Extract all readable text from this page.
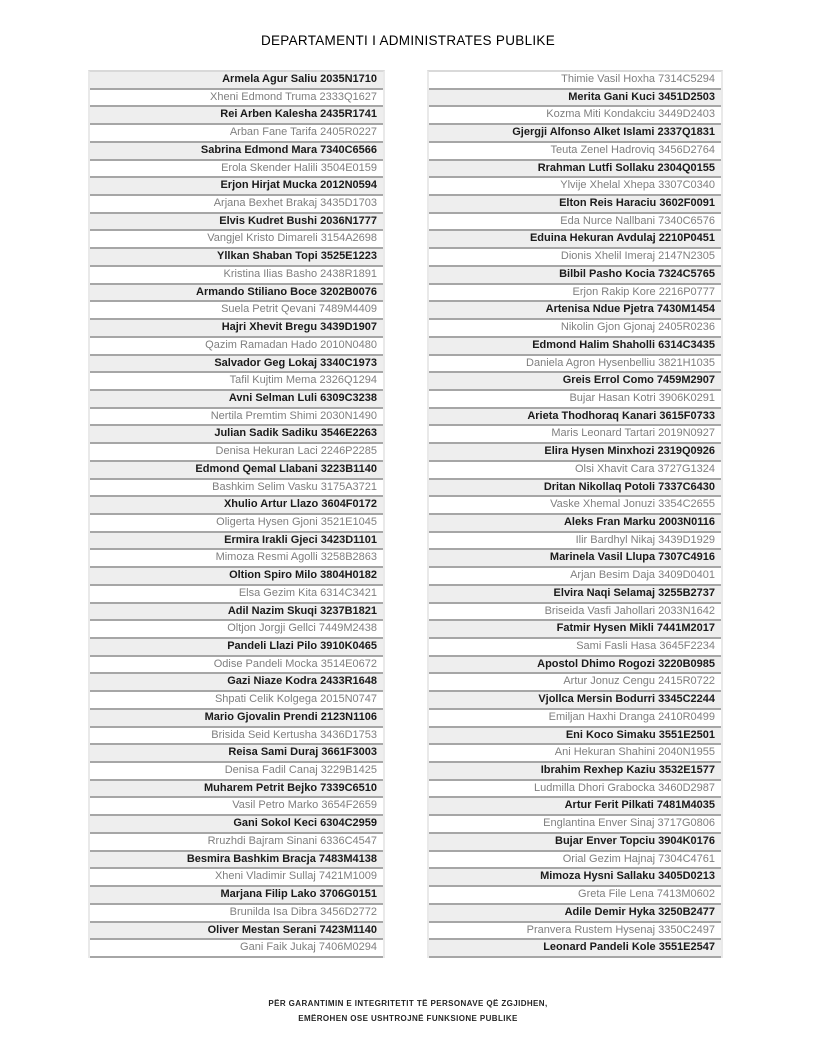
DEPARTAMENTI I ADMINISTRATES PUBLIKE
Armela Agur Saliu 2035N1710
Xheni Edmond Truma 2333Q1627
Rei Arben Kalesha 2435R1741
Arban Fane Tarifa 2405R0227
Sabrina Edmond Mara 7340C6566
Erola Skender Halili 3504E0159
Erjon Hirjat Mucka 2012N0594
Arjana Bexhet Brakaj 3435D1703
Elvis Kudret Bushi 2036N1777
Vangjel Kristo Dimareli 3154A2698
Yllkan Shaban Topi 3525E1223
Kristina Ilias Basho 2438R1891
Armando Stiliano Boce 3202B0076
Suela Petrit Qevani 7489M4409
Hajri Xhevit Bregu 3439D1907
Qazim Ramadan Hado 2010N0480
Salvador Geg Lokaj 3340C1973
Tafil Kujtim Mema 2326Q1294
Avni Selman Luli 6309C3238
Nertila Premtim Shimi 2030N1490
Julian Sadik Sadiku 3546E2263
Denisa Hekuran Laci 2246P2285
Edmond Qemal Llabani 3223B1140
Bashkim Selim Vasku 3175A3721
Xhulio Artur Llazo 3604F0172
Oligerta Hysen Gjoni 3521E1045
Ermira Irakli Gjeci 3423D1101
Mimoza Resmi Agolli 3258B2863
Oltion Spiro Milo 3804H0182
Elsa Gezim Kita 6314C3421
Adil Nazim Skuqi 3237B1821
Oltjon Jorgji Gellci 7449M2438
Pandeli Llazi Pilo 3910K0465
Odise Pandeli Mocka 3514E0672
Gazi Niaze Kodra 2433R1648
Shpati Celik Kolgega 2015N0747
Mario Gjovalin Prendi 2123N1106
Brisida Seid Kertusha 3436D1753
Reisa Sami Duraj 3661F3003
Denisa Fadil Canaj 3229B1425
Muharem Petrit Bejko 7339C6510
Vasil Petro Marko 3654F2659
Gani Sokol Keci 6304C2959
Rruzhdi Bajram Sinani 6336C4547
Besmira Bashkim Bracja 7483M4138
Xheni Vladimir Sullaj 7421M1009
Marjana Filip Lako 3706G0151
Brunilda Isa Dibra 3456D2772
Oliver Mestan Serani 7423M1140
Gani Faik Jukaj 7406M0294
Thimie Vasil Hoxha 7314C5294
Merita Gani Kuci 3451D2503
Kozma Miti Kondakciu 3449D2403
Gjergji Alfonso Alket Islami 2337Q1831
Teuta Zenel Hadroviq 3456D2764
Rrahman Lutfi Sollaku 2304Q0155
Ylvije Xhelal Xhepa 3307C0340
Elton Reis Haraciu 3602F0091
Eda Nurce Nallbani 7340C6576
Eduina Hekuran Avdulaj 2210P0451
Dionis Xhelil Imeraj 2147N2305
Bilbil Pasho Kocia 7324C5765
Erjon Rakip Kore 2216P0777
Artenisa Ndue Pjetra 7430M1454
Nikolin Gjon Gjonaj 2405R0236
Edmond Halim Shaholli 6314C3435
Daniela Agron Hysenbelliu 3821H1035
Greis Errol Como 7459M2907
Bujar Hasan Kotri 3906K0291
Arieta Thodhoraq Kanari 3615F0733
Maris Leonard Tartari 2019N0927
Elira Hysen Minxhozi 2319Q0926
Olsi Xhavit Cara 3727G1324
Dritan Nikollaq Potoli 7337C6430
Vaske Xhemal Jonuzi 3354C2655
Aleks Fran Marku 2003N0116
Ilir Bardhyl Nikaj 3439D1929
Marinela Vasil Llupa 7307C4916
Arjan Besim Daja 3409D0401
Elvira Naqi Selamaj 3255B2737
Briseida Vasfi Jahollari 2033N1642
Fatmir Hysen Mikli 7441M2017
Sami Fasli Hasa 3645F2234
Apostol Dhimo Rogozi 3220B0985
Artur Jonuz Cengu 2415R0722
Vjollca Mersin Bodurri 3345C2244
Emiljan Haxhi Dranga 2410R0499
Eni Koco Simaku 3551E2501
Ani Hekuran Shahini 2040N1955
Ibrahim Rexhep Kaziu 3532E1577
Ludmilla Dhori Grabocka 3460D2987
Artur Ferit Pilkati 7481M4035
Englantina Enver Sinaj 3717G0806
Bujar Enver Topciu 3904K0176
Orial Gezim Hajnaj 7304C4761
Mimoza Hysni Sallaku 3405D0213
Greta File Lena 7413M0602
Adile Demir Hyka 3250B2477
Pranvera Rustem Hysenaj 3350C2497
Leonard Pandeli Kole 3551E2547
PËR GARANTIMIN E INTEGRITETIT TË PERSONAVE QË ZGJIDHEN,
EMËROHEN OSE USHTROJNË FUNKSIONE PUBLIKE
